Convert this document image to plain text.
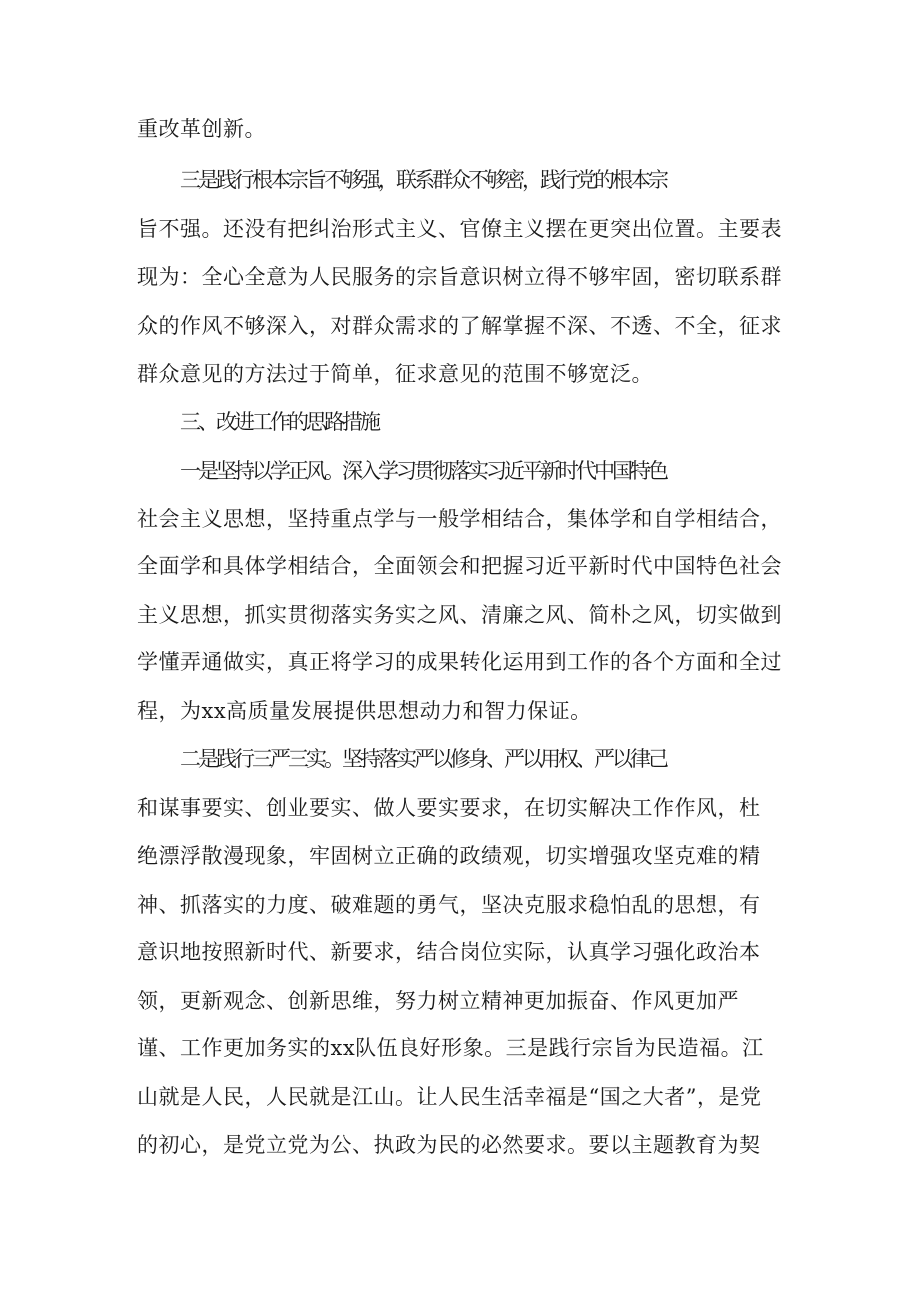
重改革创新。
三是践行根本宗旨不够强，联系群众不够密，践行党的根本宗
旨不强。还没有把纠治形式主义、官僚主义摆在更突出位置。主要表
现为：全心全意为人民服务的宗旨意识树立得不够牢固，密切联系群
众的作风不够深入，对群众需求的了解掌握不深、不透、不全，征求
群众意见的方法过于简单，征求意见的范围不够宽泛。
三、改进工作的思路措施
一是坚持以学正风。深入学习贯彻落实习近平新时代中国特色
社会主义思想，坚持重点学与一般学相结合，集体学和自学相结合，
全面学和具体学相结合，全面领会和把握习近平新时代中国特色社会
主义思想，抓实贯彻落实务实之风、清廉之风、简朴之风，切实做到
学懂弄通做实，真正将学习的成果转化运用到工作的各个方面和全过
程，为xx高质量发展提供思想动力和智力保证。
二是践行三严三实。坚持落实严以修身、严以用权、严以律己
和谋事要实、创业要实、做人要实要求，在切实解决工作作风，杜
绝漂浮散漫现象，牢固树立正确的政绩观，切实增强攻坚克难的精
神、抓落实的力度、破难题的勇气，坚决克服求稳怕乱的思想，有
意识地按照新时代、新要求，结合岗位实际，认真学习强化政治本
领，更新观念、创新思维，努力树立精神更加振奋、作风更加严
谨、工作更加务实的xx队伍良好形象。三是践行宗旨为民造福。江
山就是人民，人民就是江山。让人民生活幸福是“国之大者”，是党
的初心，是党立党为公、执政为民的必然要求。要以主题教育为契
